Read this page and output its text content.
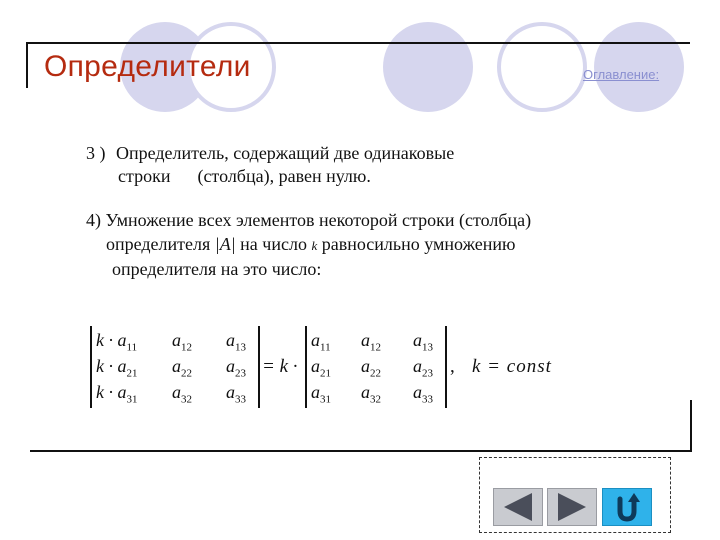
Определители	Оглавление:
3 ) Определитель, содержащий две одинаковые
строки      (столбца), равен нулю.
4) Умножение всех элементов некоторой строки (столбца)
определителя |A| на число k равносильно умножению
определителя на это число:
$k \cdot a_{11}$ $a_{12}$ $a_{13}$
$k \cdot a_{21}$ $a_{22}$ $a_{23}$
$k \cdot a_{31}$ $a_{32}$ $a_{33}$
= k ·
$a_{11}$ $a_{12}$ $a_{13}$
$a_{21}$ $a_{22}$ $a_{23}$
$a_{31}$ $a_{32}$ $a_{33}$
, k = const
